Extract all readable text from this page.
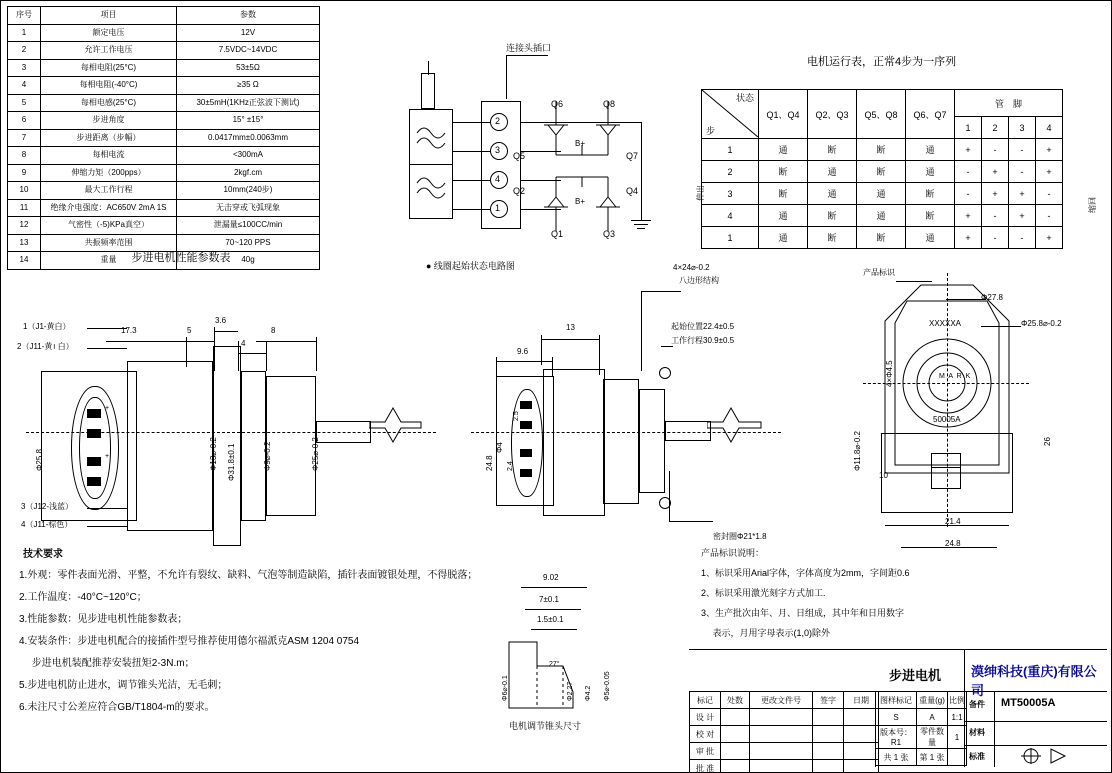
序号	项目	参数
1	额定电压	12V
2	允许工作电压	7.5VDC~14VDC
3	每相电阻(25°C)	53±5Ω
4	每相电阻(-40°C)	≥35 Ω
5	每相电感(25°C)	30±5mH(1KHz正弦波下测试)
6	步进角度	15° ±15°
7	步进距离（步幅）	0.0417mm±0.0063mm
8	每相电流	<300mA
9	伸缩力矩（200pps）	2kgf.cm
10	最大工作行程	10mm(240步)
11	绝缘介电强度：AC650V 2mA 1S	无击穿或飞弧现象
12	气密性（-5)KPa真空）	泄漏量≤100CC/min
13	共振频率范围	70~120 PPS
14	重量	40g
步进电机性能参数表
连接头插口
2
3
4
1
Q6	Q8
Q5	Q7
Q2	Q4
Q1	Q3
B+
B+
● 线圈起始状态电路图
电机运行表，正常4步为一序列
状态
步	Q1、Q4	Q2、Q3	Q5、Q8	Q6、Q7	管　脚			
					1	2	3	4
1	通	断	断	通	+	-	-	+
2	断	通	断	通	-	+	-	+
3	断	通	通	断	-	+	+	-
4	通	断	通	断	+	-	+	-
1	通	断	断	通	+	-	-	+
伸出
缩回
1（J1-黄白）
2（J11-黄। 白）
3（J12-浅蓝）
4（J11-棕色）
17.3	5
3.6
4
8
+
+
Φ25.8	Φ31.8±0.1	Φ9⌀-0.2
Φ13⌀-0.2	Φ25⌀-0.2
4×24⌀-0.2
八边形结构
起始位置22.4±0.5
工作行程30.9±0.5
13
9.6
2.5
2.4
24.8
Φ4
密封圈Φ21*1.8
产品标识
Φ27.8
Φ25.8⌀-0.2
4×Φ4.5
Φ11.8⌀-0.2
10
26
21.4
24.8
XXXXXA
M A R K
50005A
9.02
7±0.1
1.5±0.1
Φ6⌀-0.1	Φ2.27 Φ4.2 Φ5⌀-0.05
27°
电机调节锥头尺寸
技术要求
1.外观：零件表面光滑、平整，不允许有裂纹、缺料、气泡等制造缺陷，插针表面镀银处理，不得脱落；
2.工作温度：-40°C~120°C；
3.性能参数：见步进电机性能参数表；
4.安装条件：步进电机配合的接插件型号推荐使用德尔福派克ASM 1204 0754
　 步进电机装配推荐安装扭矩2-3N.m；
5.步进电机防止进水，调节锥头光洁，无毛刺；
6.未注尺寸公差应符合GB/T1804-m的要求。
产品标识说明：
1、标识采用Arial字体，字体高度为2mm，字间距0.6
2、标识采用激光刻字方式加工.
3、生产批次由年、月、日组成，其中年和日用数字
　 表示，月用字母表示(1,0)除外
步进电机 漠绅科技(重庆)有限公司
标记	处数	更改文件号	签字	日期
设 计				
校 对				
审 批				
批 准				
图样标记	重量(g)	比例
S	A	1:1
版本号：R1	零件数量	1
共 1 张	第 1 张	
备件
材料
标准
MT50005A
